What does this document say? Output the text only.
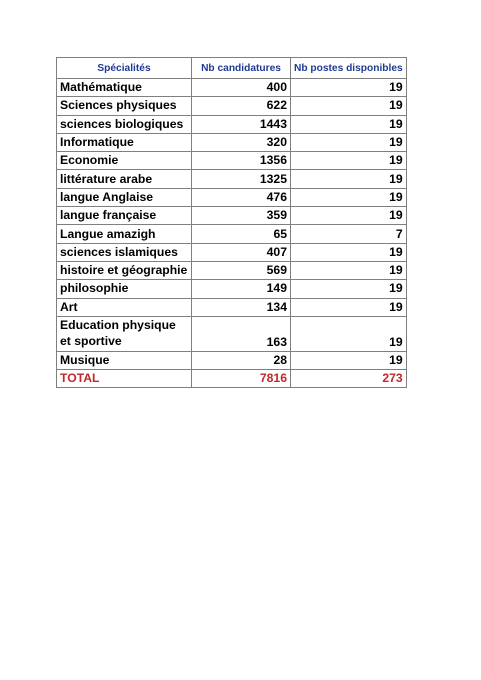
Spécialités	Nb candidatures	Nb postes disponibles
Mathématique	400	19
Sciences physiques	622	19
sciences biologiques	1443	19
Informatique	320	19
Economie	1356	19
littérature arabe	1325	19
langue Anglaise	476	19
langue française	359	19
Langue amazigh	65	7
sciences islamiques	407	19
histoire et géographie	569	19
philosophie	149	19
Art	134	19
Education physique et sportive	163	19
Musique	28	19
TOTAL	7816	273
